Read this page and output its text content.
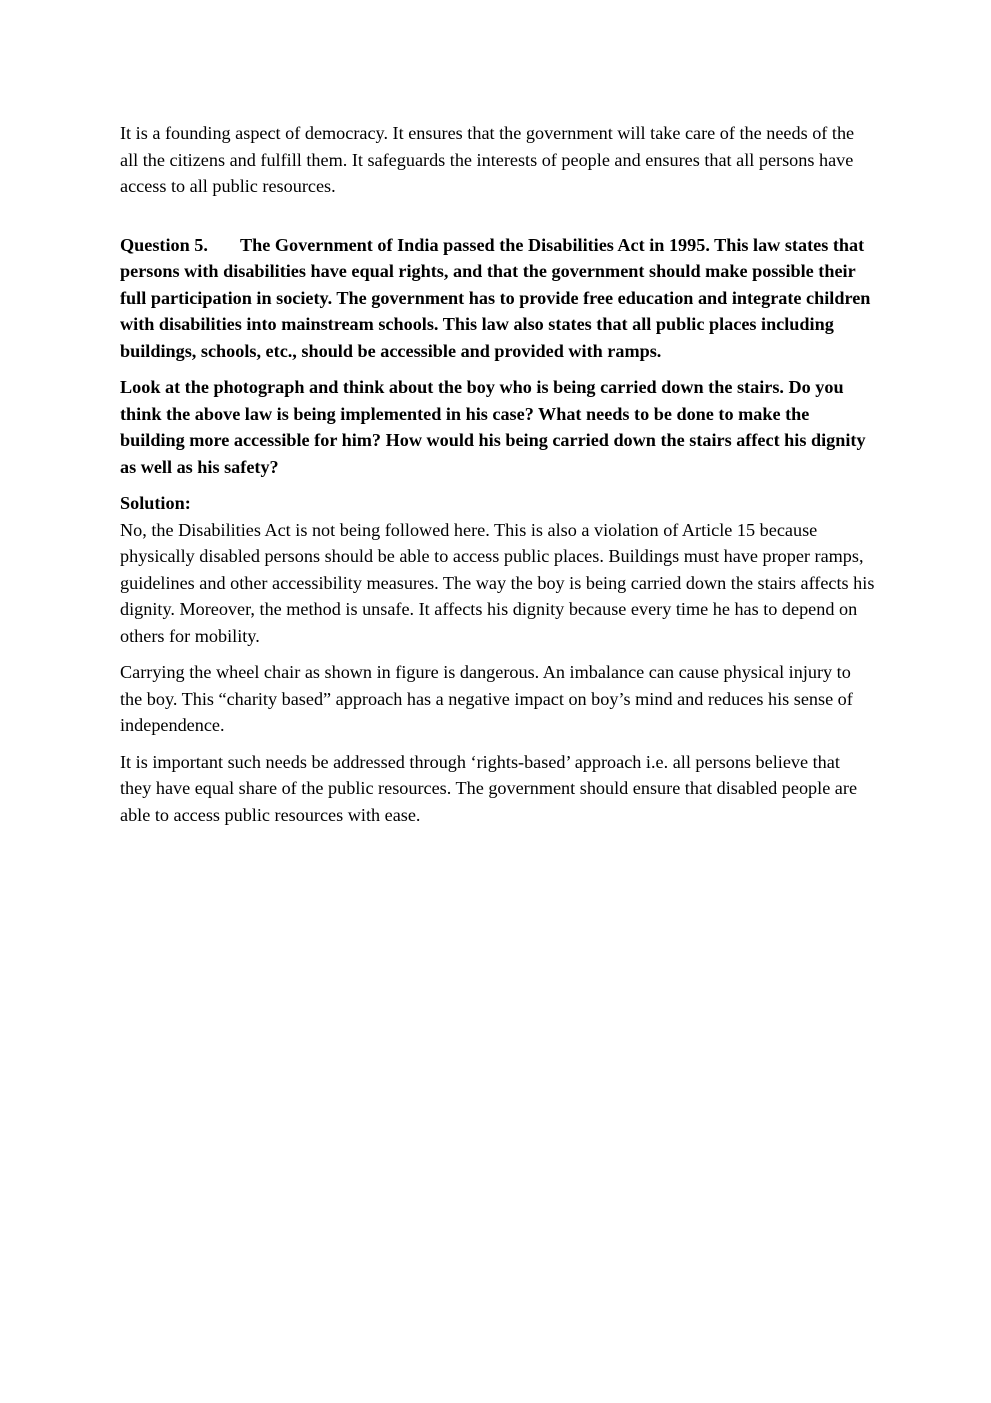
It is a founding aspect of democracy. It ensures that the government will take care of the needs of the all the citizens and fulfill them. It safeguards the interests of people and ensures that all persons have access to all public resources.

Question 5. The Government of India passed the Disabilities Act in 1995. This law states that persons with disabilities have equal rights, and that the government should make possible their full participation in society. The government has to provide free education and integrate children with disabilities into mainstream schools. This law also states that all public places including buildings, schools, etc., should be accessible and provided with ramps.

Look at the photograph and think about the boy who is being carried down the stairs. Do you think the above law is being implemented in his case? What needs to be done to make the building more accessible for him? How would his being carried down the stairs affect his dignity as well as his safety?

Solution:

No, the Disabilities Act is not being followed here. This is also a violation of Article 15 because physically disabled persons should be able to access public places. Buildings must have proper ramps, guidelines and other accessibility measures. The way the boy is being carried down the stairs affects his dignity. Moreover, the method is unsafe. It affects his dignity because every time he has to depend on others for mobility.

Carrying the wheel chair as shown in figure is dangerous. An imbalance can cause physical injury to the boy. This “charity based” approach has a negative impact on boy’s mind and reduces his sense of independence.

It is important such needs be addressed through ‘rights-based’ approach i.e. all persons believe that they have equal share of the public resources. The government should ensure that disabled people are able to access public resources with ease.
